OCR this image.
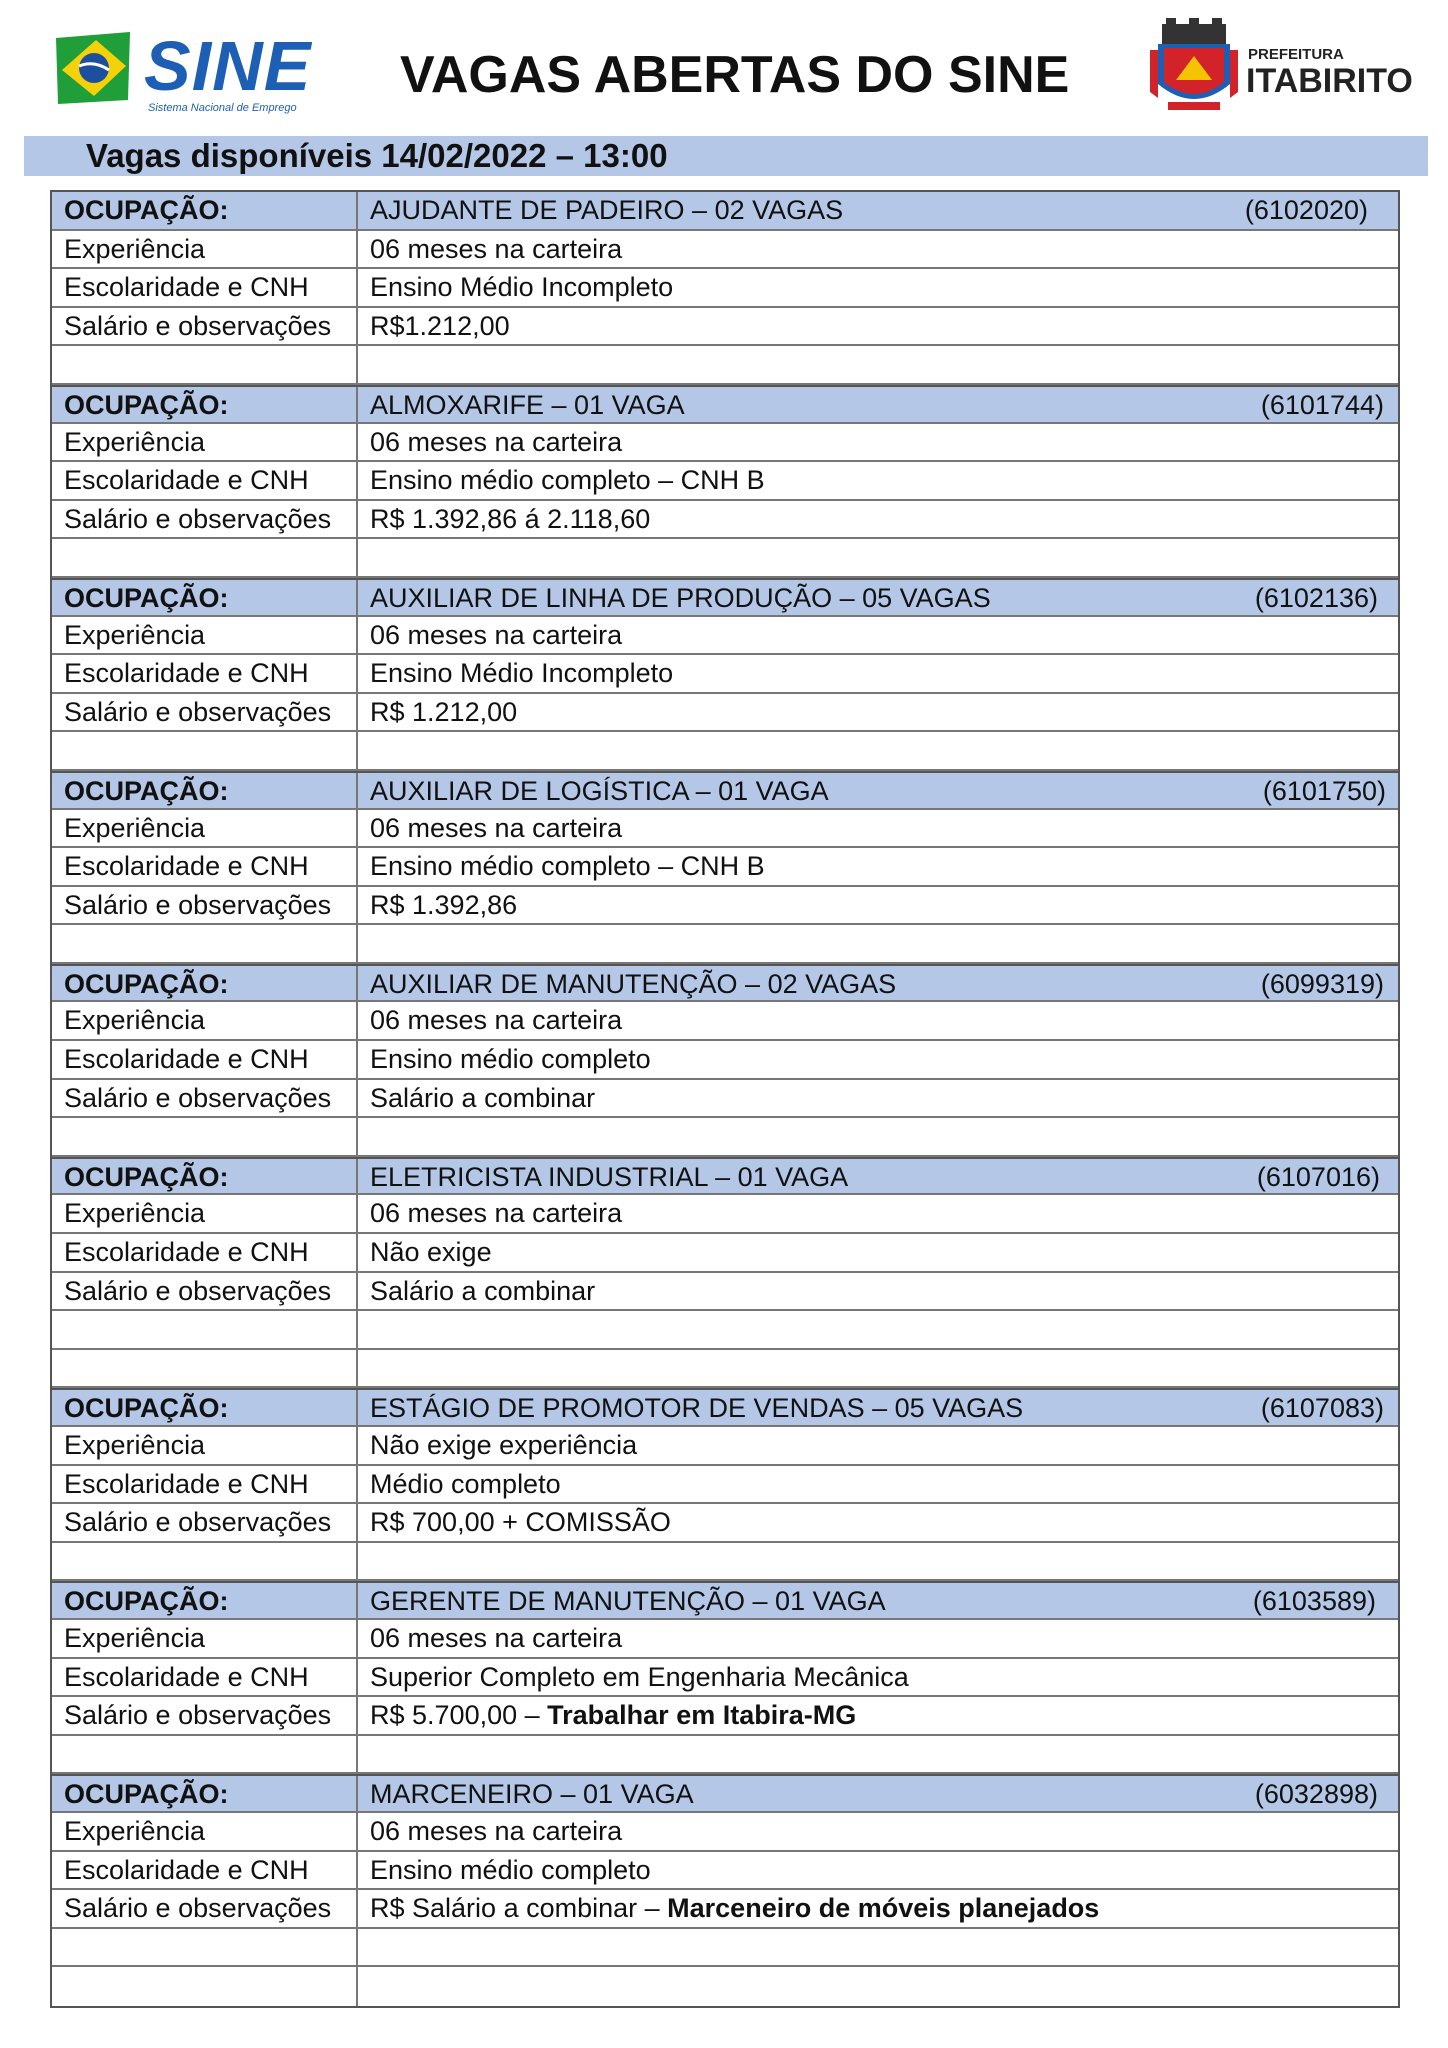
SINE
Sistema Nacional de Emprego
VAGAS ABERTAS DO SINE	PREFEITURA
ITABIRITO
Vagas disponíveis 14/02/2022 – 13:00
OCUPAÇÃO:	AJUDANTE DE PADEIRO – 02 VAGAS	(6102020)
Experiência	06 meses na carteira
Escolaridade e CNH	Ensino Médio Incompleto
Salário e observações	R$1.212,00
OCUPAÇÃO:	ALMOXARIFE – 01 VAGA	(6101744)
Experiência	06 meses na carteira
Escolaridade e CNH	Ensino médio completo – CNH B
Salário e observações	R$ 1.392,86 á 2.118,60
OCUPAÇÃO:	AUXILIAR DE LINHA DE PRODUÇÃO – 05 VAGAS	(6102136)
Experiência	06 meses na carteira
Escolaridade e CNH	Ensino Médio Incompleto
Salário e observações	R$ 1.212,00
OCUPAÇÃO:	AUXILIAR DE LOGÍSTICA – 01 VAGA	(6101750)
Experiência	06 meses na carteira
Escolaridade e CNH	Ensino médio completo – CNH B
Salário e observações	R$ 1.392,86
OCUPAÇÃO:	AUXILIAR DE MANUTENÇÃO – 02 VAGAS	(6099319)
Experiência	06 meses na carteira
Escolaridade e CNH	Ensino médio completo
Salário e observações	Salário a combinar
OCUPAÇÃO:	ELETRICISTA INDUSTRIAL – 01 VAGA	(6107016)
Experiência	06 meses na carteira
Escolaridade e CNH	Não exige
Salário e observações	Salário a combinar
OCUPAÇÃO:	ESTÁGIO DE PROMOTOR DE VENDAS – 05 VAGAS	(6107083)
Experiência	Não exige experiência
Escolaridade e CNH	Médio completo
Salário e observações	R$ 700,00 + COMISSÃO
OCUPAÇÃO:	GERENTE DE MANUTENÇÃO – 01 VAGA	(6103589)
Experiência	06 meses na carteira
Escolaridade e CNH	Superior Completo em Engenharia Mecânica
Salário e observações	R$ 5.700,00 – Trabalhar em Itabira-MG
OCUPAÇÃO:	MARCENEIRO – 01 VAGA	(6032898)
Experiência	06 meses na carteira
Escolaridade e CNH	Ensino médio completo
Salário e observações	R$ Salário a combinar – Marceneiro de móveis planejados
